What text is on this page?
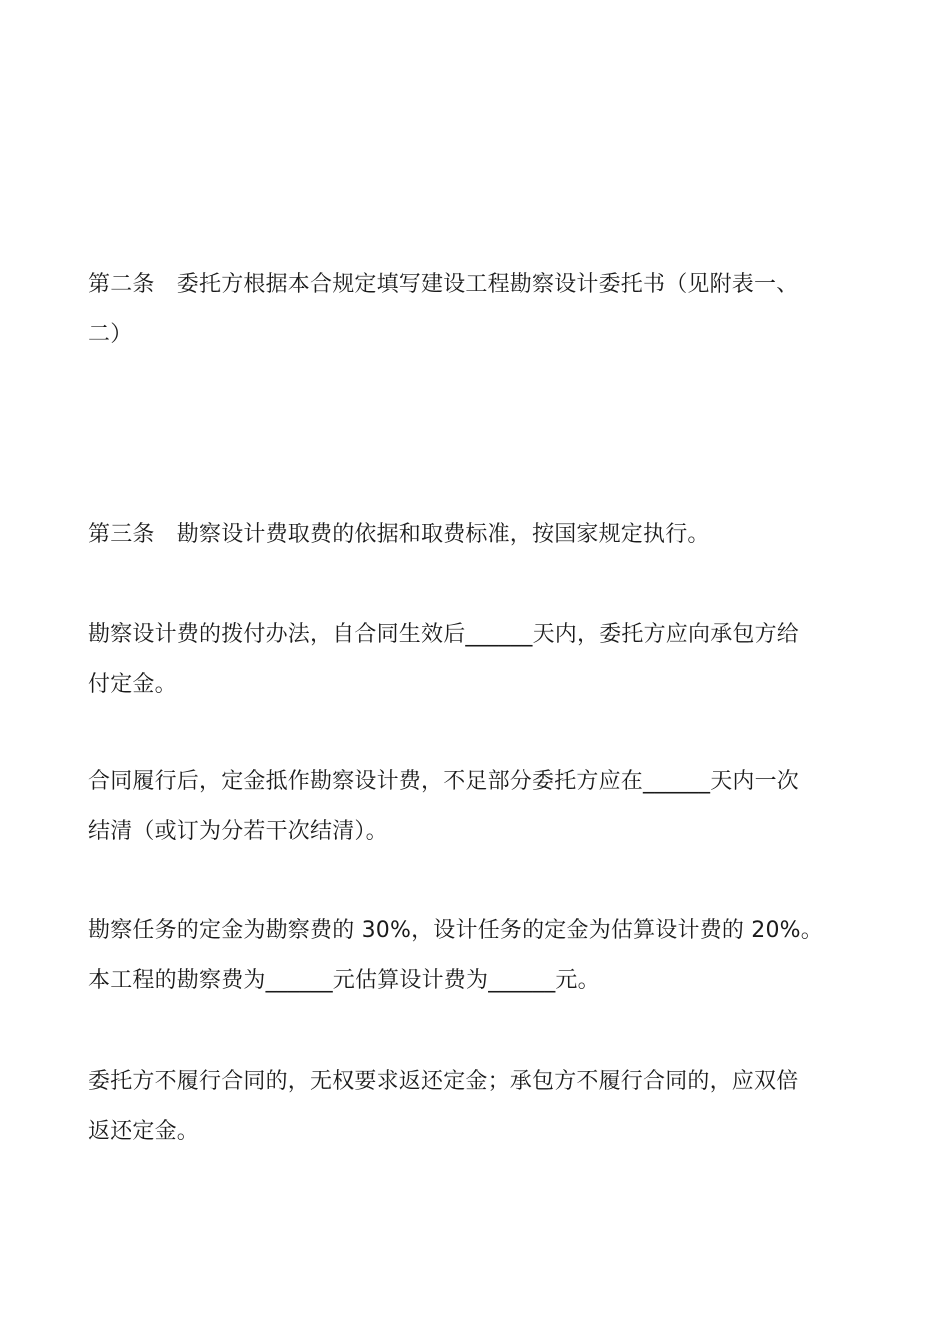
第二条　委托方根据本合规定填写建设工程勘察设计委托书（见附表一、
二）

第三条　勘察设计费取费的依据和取费标准，按国家规定执行。

勘察设计费的拨付办法，自合同生效后______天内，委托方应向承包方给
付定金。

合同履行后，定金抵作勘察设计费，不足部分委托方应在______天内一次
结清（或订为分若干次结清）。

勘察任务的定金为勘察费的 30%，设计任务的定金为估算设计费的 20%。
本工程的勘察费为______元估算设计费为______元。

委托方不履行合同的，无权要求返还定金；承包方不履行合同的，应双倍
返还定金。
